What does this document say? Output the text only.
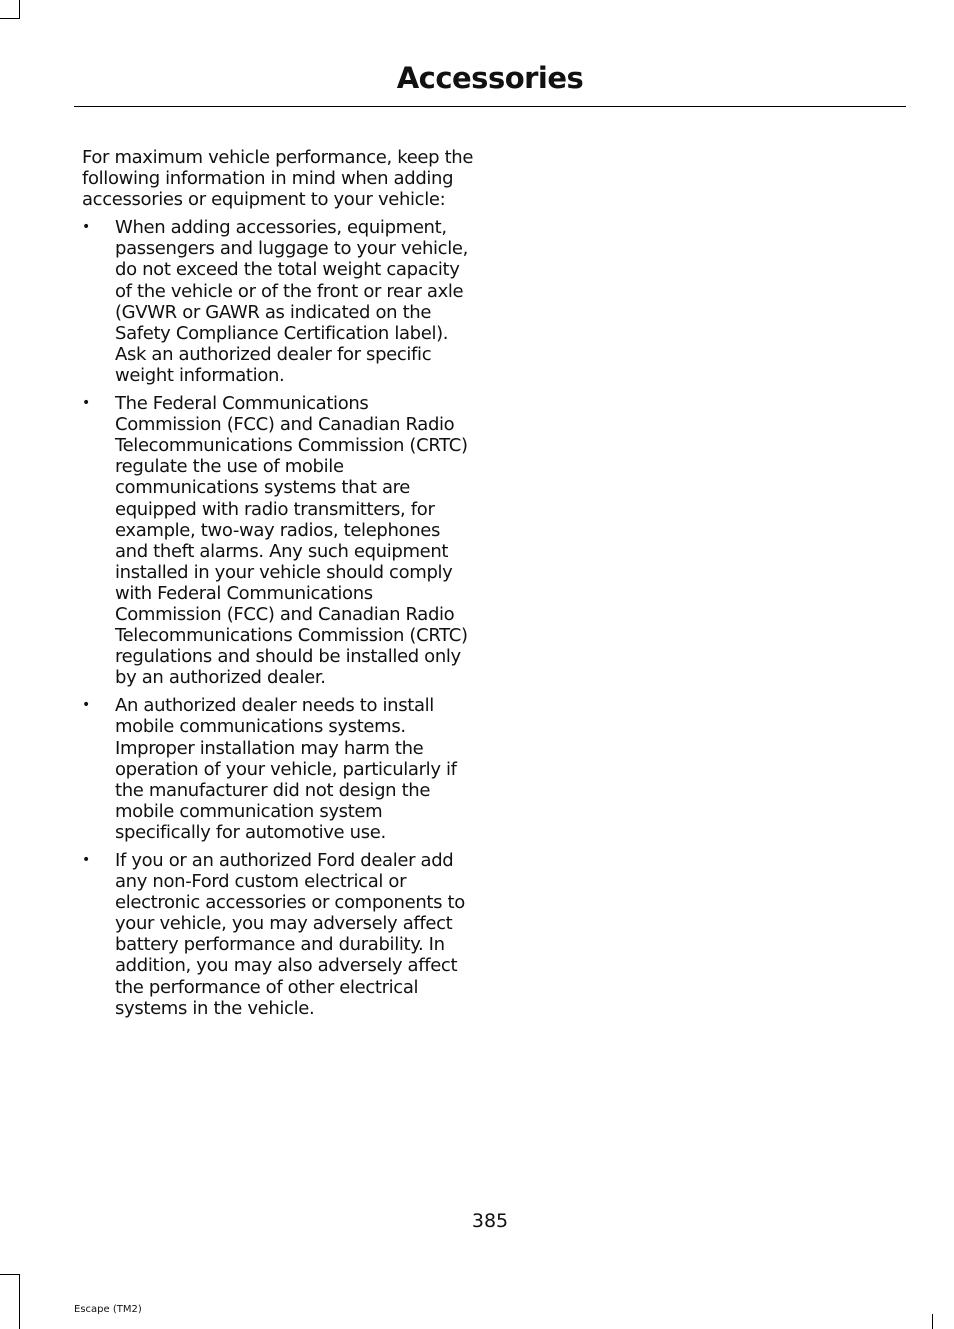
Accessories

For maximum vehicle performance, keep the following information in mind when adding accessories or equipment to your vehicle:

• When adding accessories, equipment, passengers and luggage to your vehicle, do not exceed the total weight capacity of the vehicle or of the front or rear axle (GVWR or GAWR as indicated on the Safety Compliance Certification label). Ask an authorized dealer for specific weight information.
• The Federal Communications Commission (FCC) and Canadian Radio Telecommunications Commission (CRTC) regulate the use of mobile communications systems that are equipped with radio transmitters, for example, two-way radios, telephones and theft alarms. Any such equipment installed in your vehicle should comply with Federal Communications Commission (FCC) and Canadian Radio Telecommunications Commission (CRTC) regulations and should be installed only by an authorized dealer.
• An authorized dealer needs to install mobile communications systems. Improper installation may harm the operation of your vehicle, particularly if the manufacturer did not design the mobile communication system specifically for automotive use.
• If you or an authorized Ford dealer add any non-Ford custom electrical or electronic accessories or components to your vehicle, you may adversely affect battery performance and durability. In addition, you may also adversely affect the performance of other electrical systems in the vehicle.
385
Escape (TM2)
